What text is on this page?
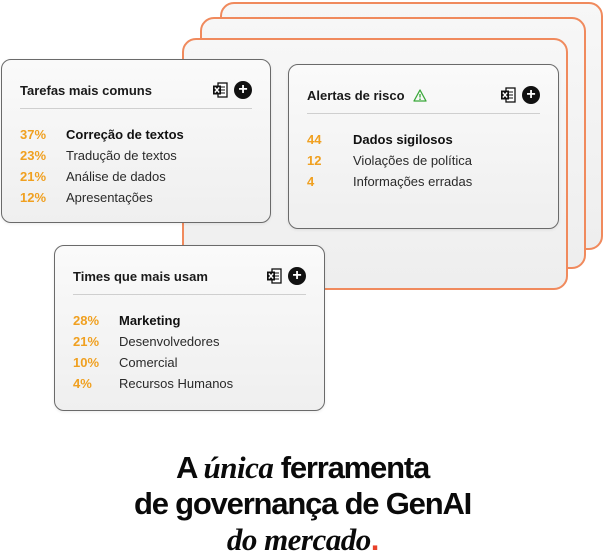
Tarefas mais comuns	+
37%	Correção de textos
23%	Tradução de textos
21%	Análise de dados
12%	Apresentações
Alertas de risco	+
44	Dados sigilosos
12	Violações de política
4	Informações erradas
Times que mais usam	+
28%	Marketing
21%	Desenvolvedores
10%	Comercial
4%	Recursos Humanos
A única ferramenta
de governança de GenAI
do mercado.
